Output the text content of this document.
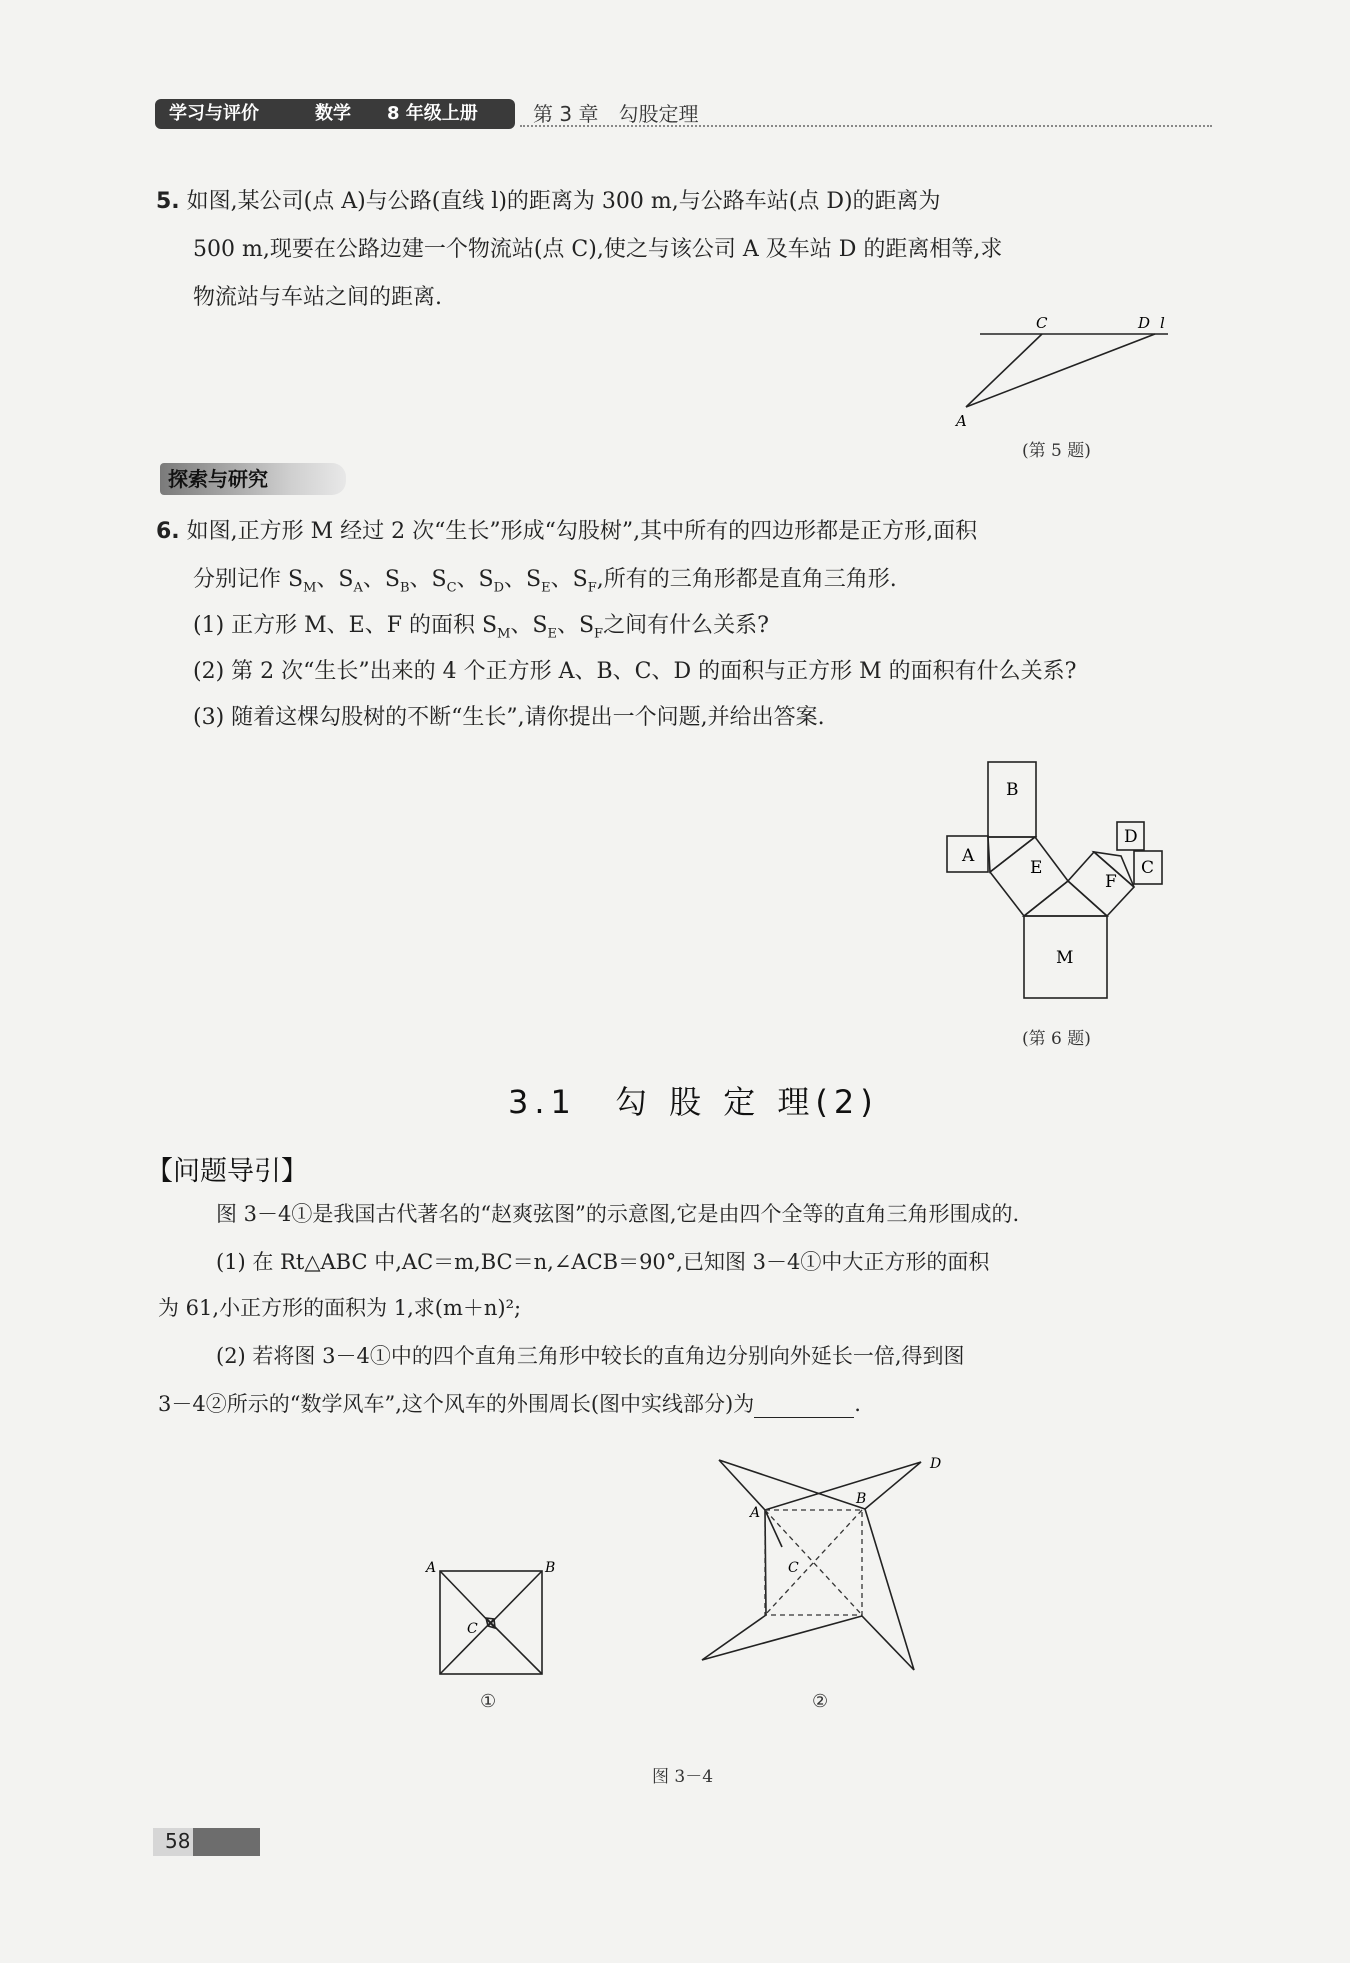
学习与评价	数学 8 年级上册	第 3 章　勾股定理
5. 如图,某公司(点 A)与公路(直线 l)的距离为 300 m,与公路车站(点 D)的距离为
500 m,现要在公路边建一个物流站(点 C),使之与该公司 A 及车站 D 的距离相等,求
物流站与车站之间的距离.
C	D l
A
(第 5 题)
探索与研究
6. 如图,正方形 M 经过 2 次“生长”形成“勾股树”,其中所有的四边形都是正方形,面积
分别记作 $S_M$、$S_A$、$S_B$、$S_C$、$S_D$、$S_E$、$S_F$,所有的三角形都是直角三角形.
(1) 正方形 M、E、F 的面积 $S_M$、$S_E$、$S_F$之间有什么关系?
(2) 第 2 次“生长”出来的 4 个正方形 A、B、C、D 的面积与正方形 M 的面积有什么关系?
(3) 随着这棵勾股树的不断“生长”,请你提出一个问题,并给出答案.
B
A
E
D
C
F
M
(第 6 题)
3.1　勾 股 定 理(2)
【问题导引】
图 3－4①是我国古代著名的“赵爽弦图”的示意图,它是由四个全等的直角三角形围成的.
(1) 在 Rt△ABC 中,AC＝m,BC＝n,∠ACB＝90°,已知图 3－4①中大正方形的面积
为 61,小正方形的面积为 1,求(m＋n)²;
(2) 若将图 3－4①中的四个直角三角形中较长的直角边分别向外延长一倍,得到图
3－4②所示的“数学风车”,这个风车的外围周长(图中实线部分)为	.
A	B
C
①
A
B
C
D
②
图 3－4
58
